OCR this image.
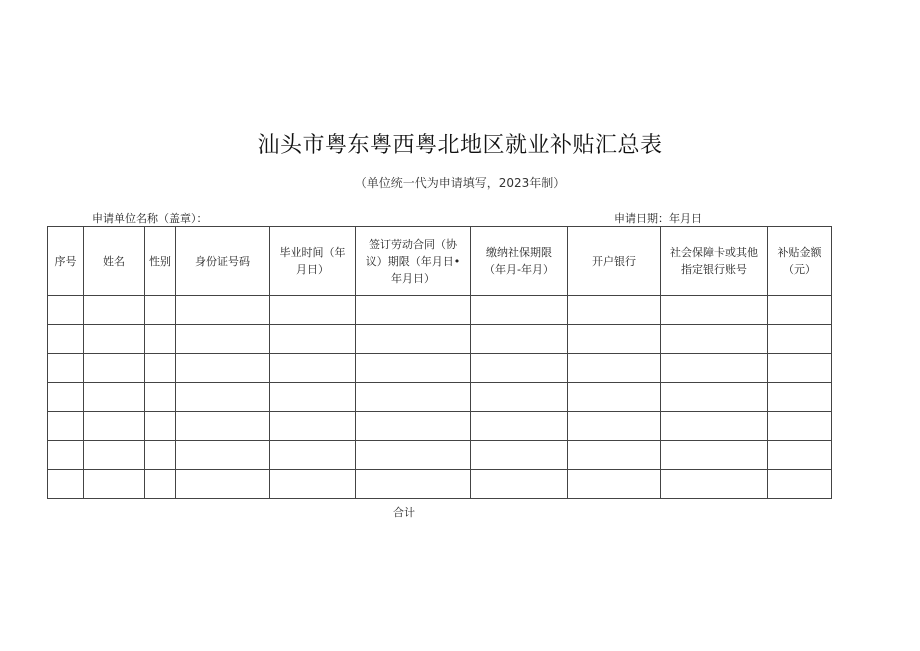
汕头市粤东粤西粤北地区就业补贴汇总表
（单位统一代为申请填写，2023年制）
申请单位名称（盖章）：	申请日期：年月日
序号	姓名	性别	身份证号码	毕业时间（年月日）	签订劳动合同（协议）期限（年月日•年月日）	缴纳社保期限（年月-年月）	开户银行	社会保障卡或其他指定银行账号	补贴金额（元）

合计
